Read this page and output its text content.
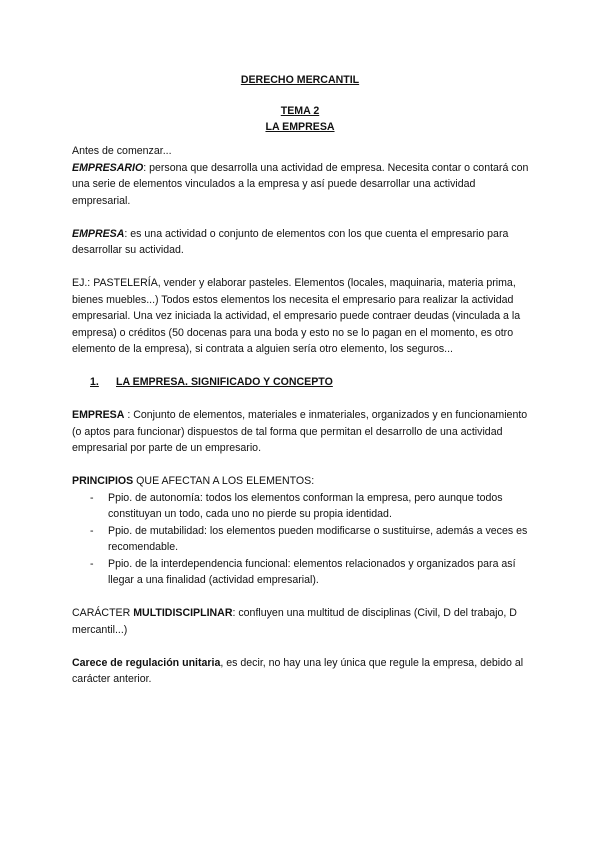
DERECHO MERCANTIL
TEMA 2
LA EMPRESA

Antes de comenzar...

EMPRESARIO: persona que desarrolla una actividad de empresa. Necesita contar o contará con una serie de elementos vinculados a la empresa y así puede desarrollar una actividad empresarial.

EMPRESA: es una actividad o conjunto de elementos con los que cuenta el empresario para desarrollar su actividad.

EJ.: PASTELERÍA, vender y elaborar pasteles. Elementos (locales, maquinaria, materia prima, bienes muebles...) Todos estos elementos los necesita el empresario para realizar la actividad empresarial. Una vez iniciada la actividad, el empresario puede contraer deudas (vinculada a la empresa) o créditos (50 docenas para una boda y esto no se lo pagan en el momento, es otro elemento de la empresa), si contrata a alguien sería otro elemento, los seguros...

1.	LA EMPRESA. SIGNIFICADO Y CONCEPTO

EMPRESA : Conjunto de elementos, materiales e inmateriales, organizados y en funcionamiento (o aptos para funcionar) dispuestos de tal forma que permitan el desarrollo de una actividad empresarial por parte de un empresario.

PRINCIPIOS QUE AFECTAN A LOS ELEMENTOS:

-	Ppio. de autonomía: todos los elementos conforman la empresa, pero aunque todos constituyan un todo, cada uno no pierde su propia identidad.
-	Ppio. de mutabilidad: los elementos pueden modificarse o sustituirse, además a veces es recomendable.
-	Ppio. de la interdependencia funcional: elementos relacionados y organizados para así llegar a una finalidad (actividad empresarial).

CARÁCTER MULTIDISCIPLINAR: confluyen una multitud de disciplinas (Civil, D del trabajo, D mercantil...)

Carece de regulación unitaria, es decir, no hay una ley única que regule la empresa, debido al carácter anterior.
